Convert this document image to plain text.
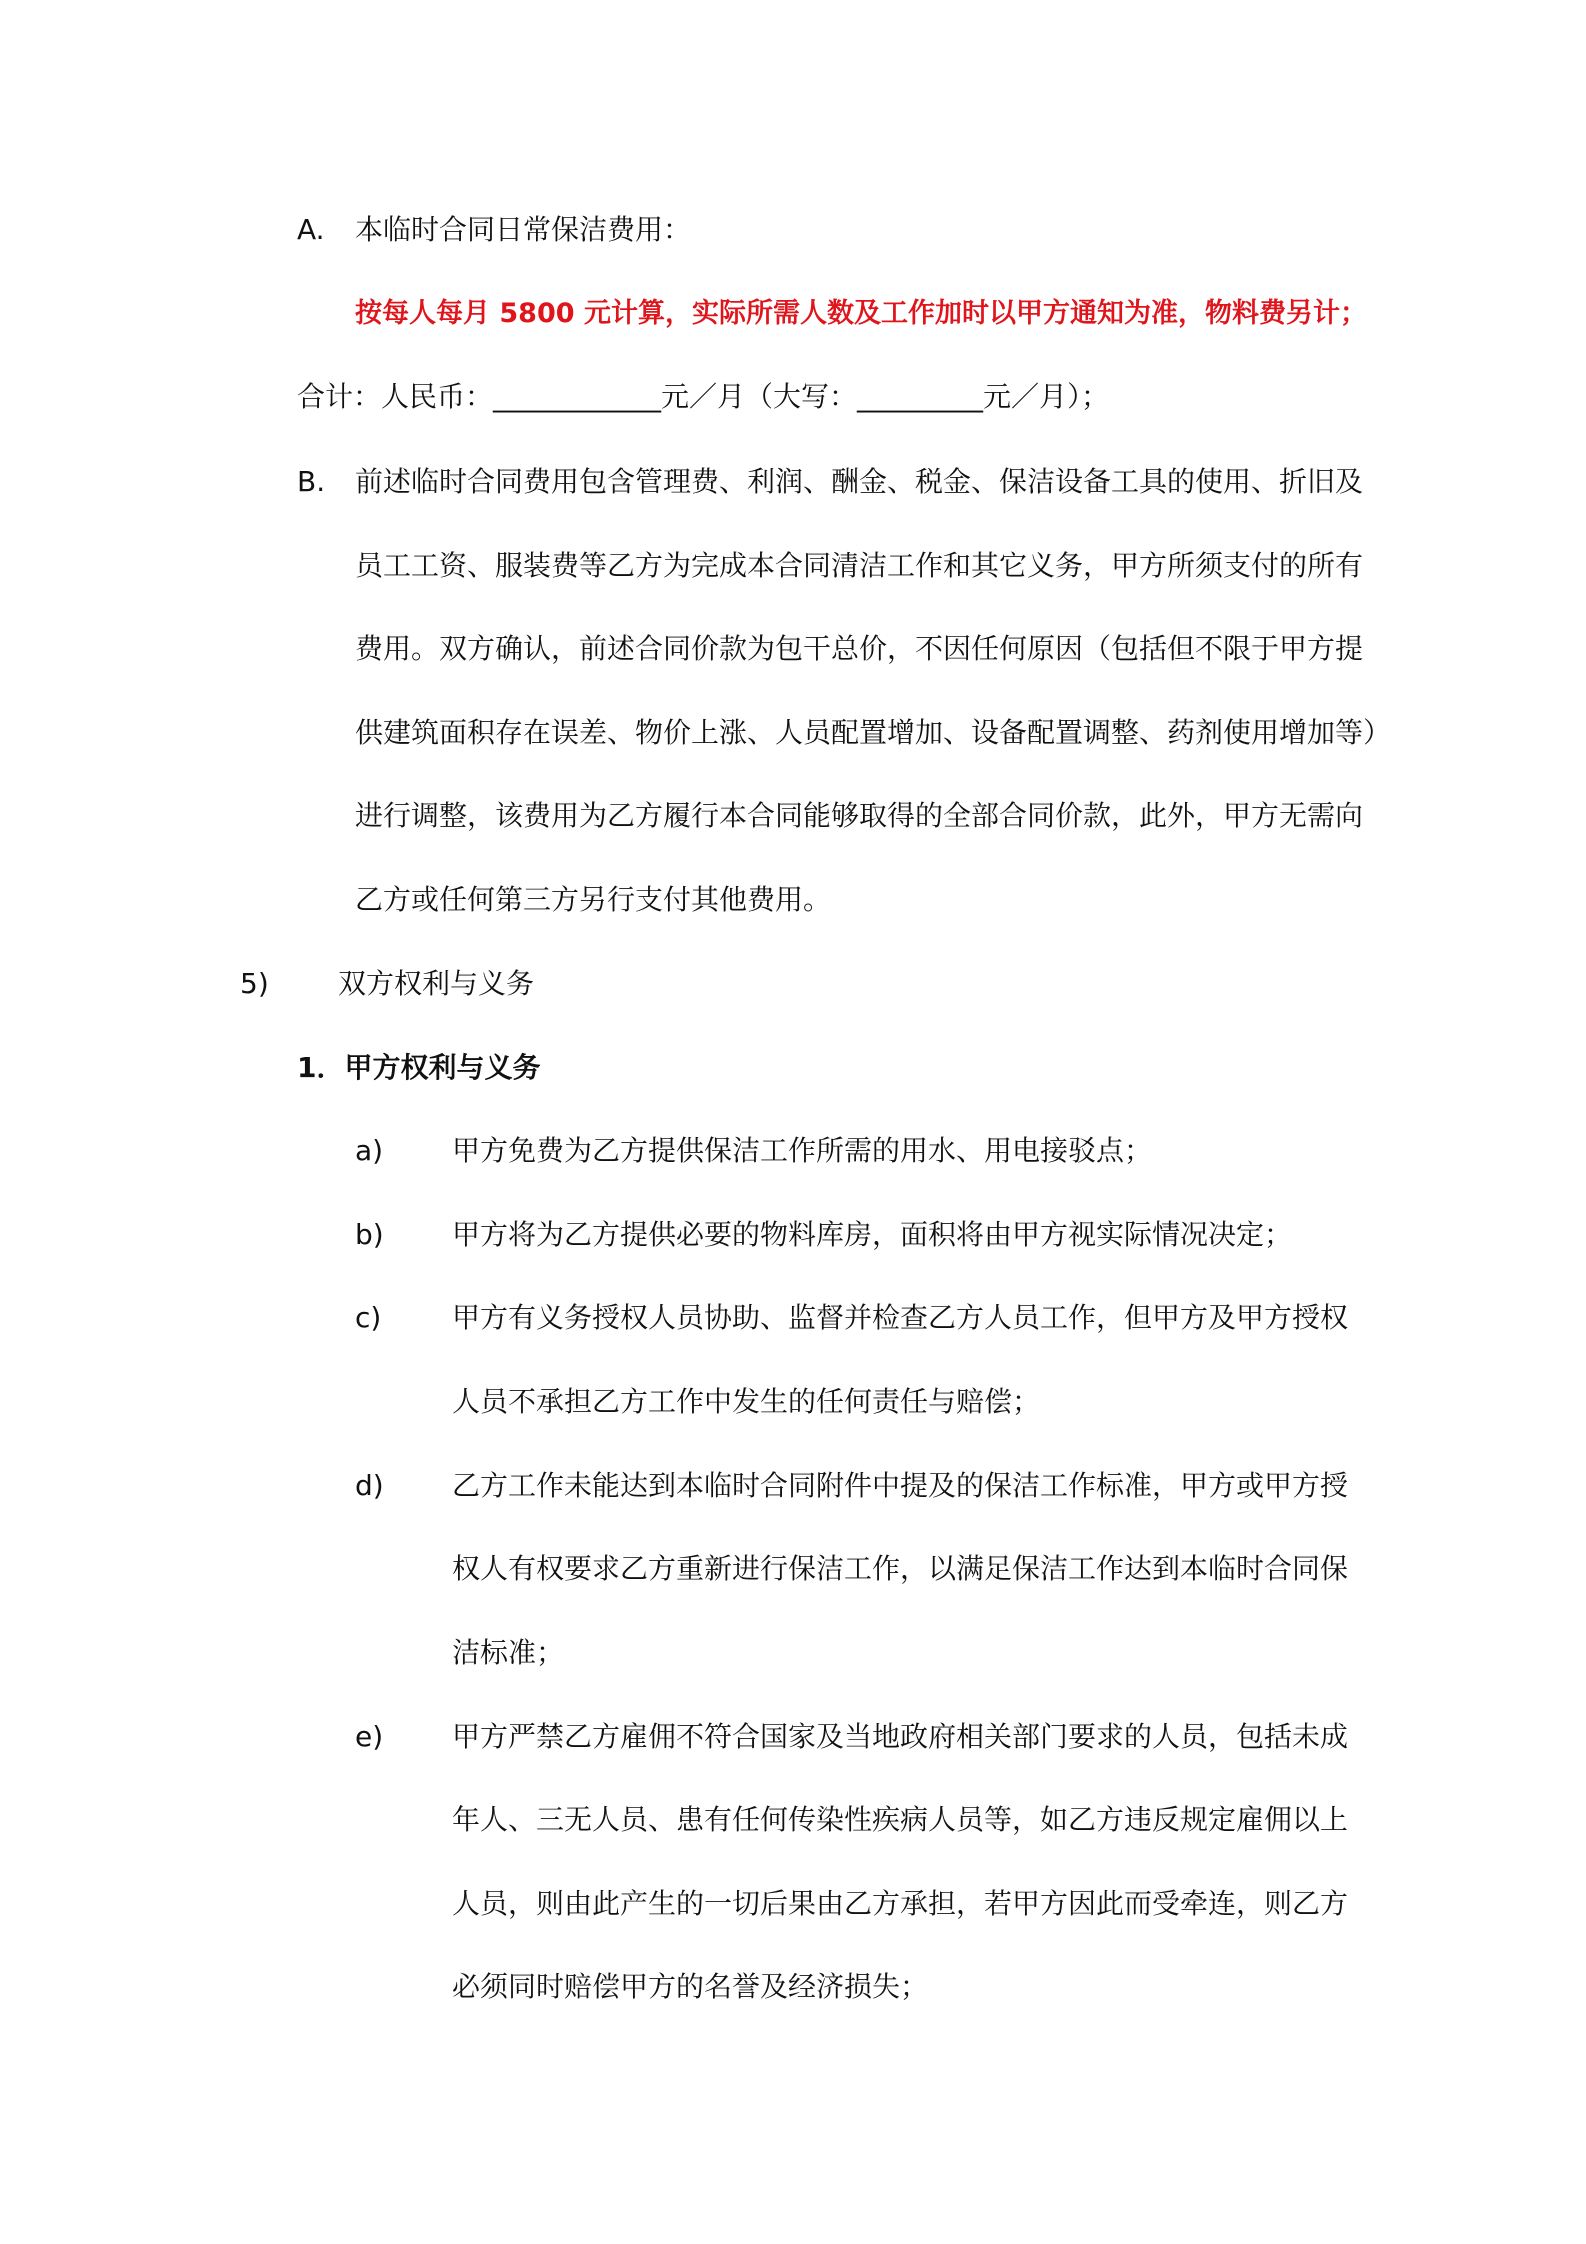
A. 本临时合同日常保洁费用：
按每人每月 5800 元计算，实际所需人数及工作加时以甲方通知为准，物料费另计；
合计：人民币：____________元／月（大写：_________元／月）；
B. 前述临时合同费用包含管理费、利润、酬金、税金、保洁设备工具的使用、折旧及
员工工资、服装费等乙方为完成本合同清洁工作和其它义务，甲方所须支付的所有
费用。双方确认，前述合同价款为包干总价，不因任何原因（包括但不限于甲方提
供建筑面积存在误差、物价上涨、人员配置增加、设备配置调整、药剂使用增加等）
进行调整，该费用为乙方履行本合同能够取得的全部合同价款，此外，甲方无需向
乙方或任何第三方另行支付其他费用。
5) 双方权利与义务
1．甲方权利与义务
a) 甲方免费为乙方提供保洁工作所需的用水、用电接驳点；
b) 甲方将为乙方提供必要的物料库房，面积将由甲方视实际情况决定；
c)	甲方有义务授权人员协助、监督并检查乙方人员工作，但甲方及甲方授权
人员不承担乙方工作中发生的任何责任与赔偿；
d) 乙方工作未能达到本临时合同附件中提及的保洁工作标准，甲方或甲方授
权人有权要求乙方重新进行保洁工作，以满足保洁工作达到本临时合同保
洁标准；
e) 甲方严禁乙方雇佣不符合国家及当地政府相关部门要求的人员，包括未成
年人、三无人员、患有任何传染性疾病人员等，如乙方违反规定雇佣以上
人员，则由此产生的一切后果由乙方承担，若甲方因此而受牵连，则乙方
必须同时赔偿甲方的名誉及经济损失；
